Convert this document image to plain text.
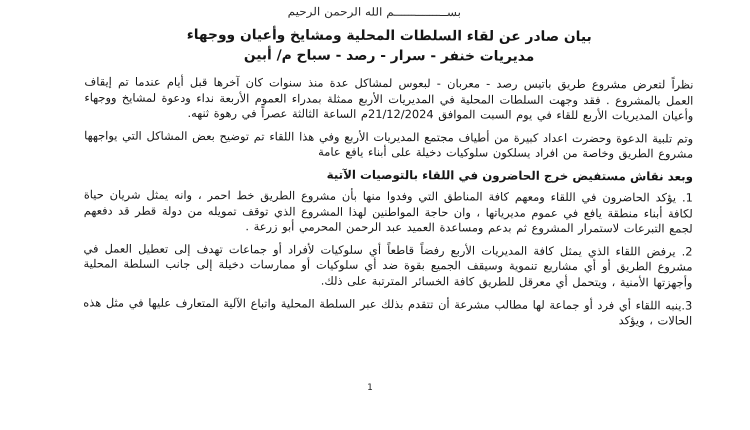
بســـــــــــــــم الله الرحمن الرحيم
بيان صادر عن لقاء السلطات المحلية ومشايخ وأعيان ووجهاء
مديريات خنفر - سرار - رصد - سباح م/ أبين

نظراً لتعرض مشروع طريق باتيس رصد - معربان - لبعوس لمشاكل عدة منذ سنوات كان آخرها قبل أيام عندما تم إيقاف العمل بالمشروع . فقد وجهت السلطات المحلية في المديريات الأربع ممثلة بمدراء العموم الأربعة نداء ودعوة لمشايخ ووجهاء وأعيان المديريات الأربع للقاء في يوم السبت الموافق 21/12/2024م الساعة الثالثة عصراً في رهوة ثنهه.

وتم تلبية الدعوة وحضرت اعداد كبيرة من أطياف مجتمع المديريات الأربع وفي هذا اللقاء تم توضيح بعض المشاكل التي يواجهها مشروع الطريق وخاصة من افراد يسلكون سلوكيات دخيلة على أبناء يافع عامة

وبعد نقاش مستفيض خرج الحاضرون في اللقاء بالتوصيات الآتية

1. يؤكد الحاضرون في اللقاء ومعهم كافة المناطق التي وفدوا منها بأن مشروع الطريق خط احمر ، وانه يمثل شريان حياة لكافة أبناء منطقة يافع في عموم مديرياتها ، وان حاجة المواطنين لهذا المشروع الذي توقف تمويله من دولة قطر قد دفعهم لجمع التبرعات لاستمرار المشروع ثم بدعم ومساعدة العميد عبد الرحمن المحرمي أبو زرعة .

2. يرفض اللقاء الذي يمثل كافة المديريات الأربع رفضاً قاطعاً أي سلوكيات لأفراد أو جماعات تهدف إلى تعطيل العمل في مشروع الطريق أو أي مشاريع تنموية وسيقف الجميع بقوة ضد أي سلوكيات أو ممارسات دخيلة إلى جانب السلطة المحلية وأجهزتها الأمنية ، ويتحمل أي معرقل للطريق كافة الخسائر المترتبة على ذلك.

3.ينبه اللقاء أي فرد أو جماعة لها مطالب مشرعة أن تتقدم بذلك عبر السلطة المحلية واتباع الآلية المتعارف عليها في مثل هذه الحالات ، ويؤكد

1
